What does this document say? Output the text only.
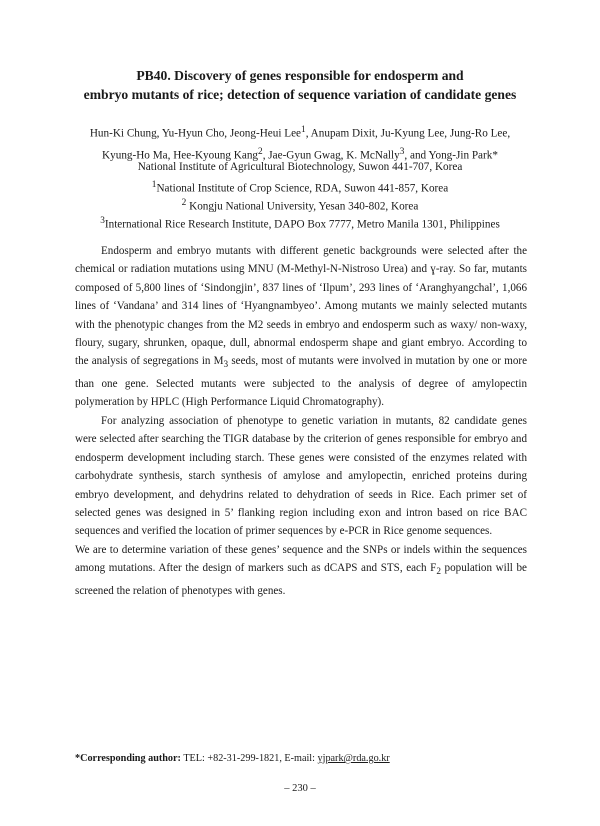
PB40. Discovery of genes responsible for endosperm and
embryo mutants of rice; detection of sequence variation of candidate genes
Hun-Ki Chung, Yu-Hyun Cho, Jeong-Heui Lee$^1$, Anupam Dixit, Ju-Kyung Lee, Jung-Ro Lee,
Kyung-Ho Ma, Hee-Kyoung Kang$^2$, Jae-Gyun Gwag, K. McNally$^3$, and Yong-Jin Park*
National Institute of Agricultural Biotechnology, Suwon 441-707, Korea
$^1$National Institute of Crop Science, RDA, Suwon 441-857, Korea
$^2$ Kongju National University, Yesan 340-802, Korea
$^3$International Rice Research Institute, DAPO Box 7777, Metro Manila 1301, Philippines

Endosperm and embryo mutants with different genetic backgrounds were selected after the chemical or radiation mutations using MNU (M-Methyl-N-Nistroso Urea) and ɣ-ray. So far, mutants composed of 5,800 lines of ‘Sindongjin’, 837 lines of ‘Ilpum’, 293 lines of ‘Aranghyangchal’, 1,066 lines of ‘Vandana’ and 314 lines of ‘Hyangnambyeo’. Among mutants we mainly selected mutants with the phenotypic changes from the M2 seeds in embryo and endosperm such as waxy/ non-waxy, floury, sugary, shrunken, opaque, dull, abnormal endosperm shape and giant embryo. According to the analysis of segregations in $M_3$ seeds, most of mutants were involved in mutation by one or more than one gene. Selected mutants were subjected to the analysis of degree of amylopectin polymeration by HPLC (High Performance Liquid Chromatography).

For analyzing association of phenotype to genetic variation in mutants, 82 candidate genes were selected after searching the TIGR database by the criterion of genes responsible for embryo and endosperm development including starch. These genes were consisted of the enzymes related with carbohydrate synthesis, starch synthesis of amylose and amylopectin, enriched proteins during embryo development, and dehydrins related to dehydration of seeds in Rice. Each primer set of selected genes was designed in 5’ flanking region including exon and intron based on rice BAC sequences and verified the location of primer sequences by e-PCR in Rice genome sequences.

We are to determine variation of these genes’ sequence and the SNPs or indels within the sequences among mutations. After the design of markers such as dCAPS and STS, each $F_2$ population will be screened the relation of phenotypes with genes.

*Corresponding author: TEL: +82-31-299-1821, E-mail: yjpark@rda.go.kr
– 230 –
